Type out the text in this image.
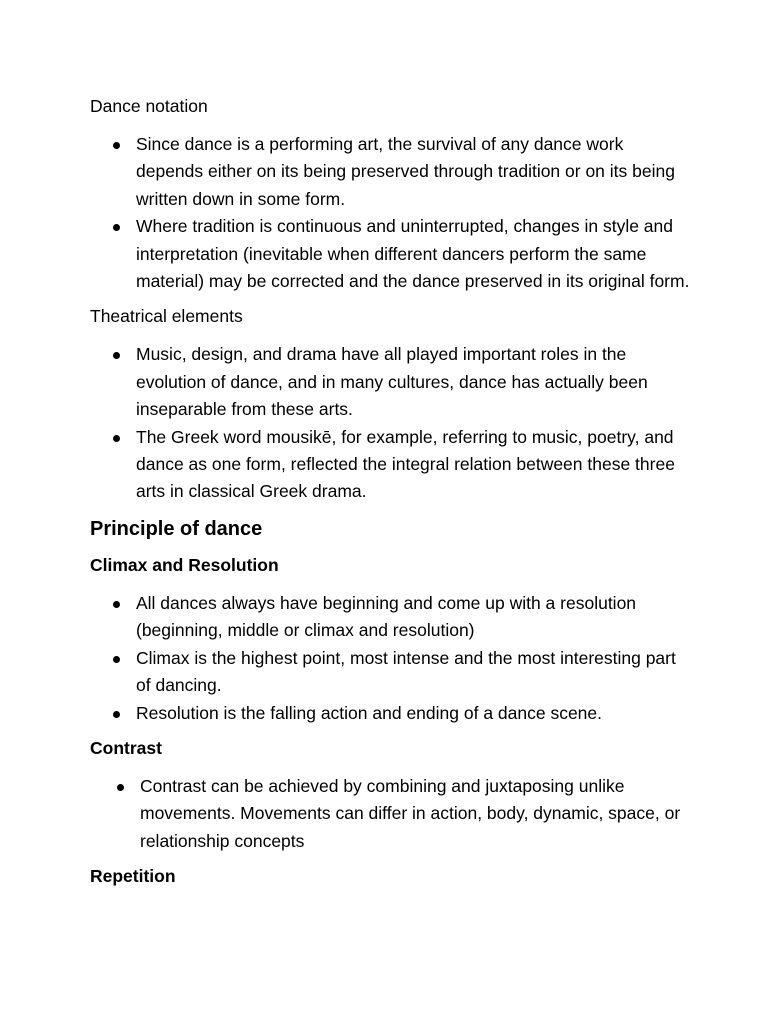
Dance notation
Since dance is a performing art, the survival of any dance work depends either on its being preserved through tradition or on its being written down in some form.
Where tradition is continuous and uninterrupted, changes in style and interpretation (inevitable when different dancers perform the same material) may be corrected and the dance preserved in its original form.
Theatrical elements
Music, design, and drama have all played important roles in the evolution of dance, and in many cultures, dance has actually been inseparable from these arts.
The Greek word mousikē, for example, referring to music, poetry, and dance as one form, reflected the integral relation between these three arts in classical Greek drama.
Principle of dance
Climax and Resolution
All dances always have beginning and come up with a resolution (beginning, middle or climax and resolution)
Climax is the highest point, most intense and the most interesting part of dancing.
Resolution is the falling action and ending of a dance scene.
Contrast
Contrast can be achieved by combining and juxtaposing unlike movements. Movements can differ in action, body, dynamic, space, or relationship concepts
Repetition
